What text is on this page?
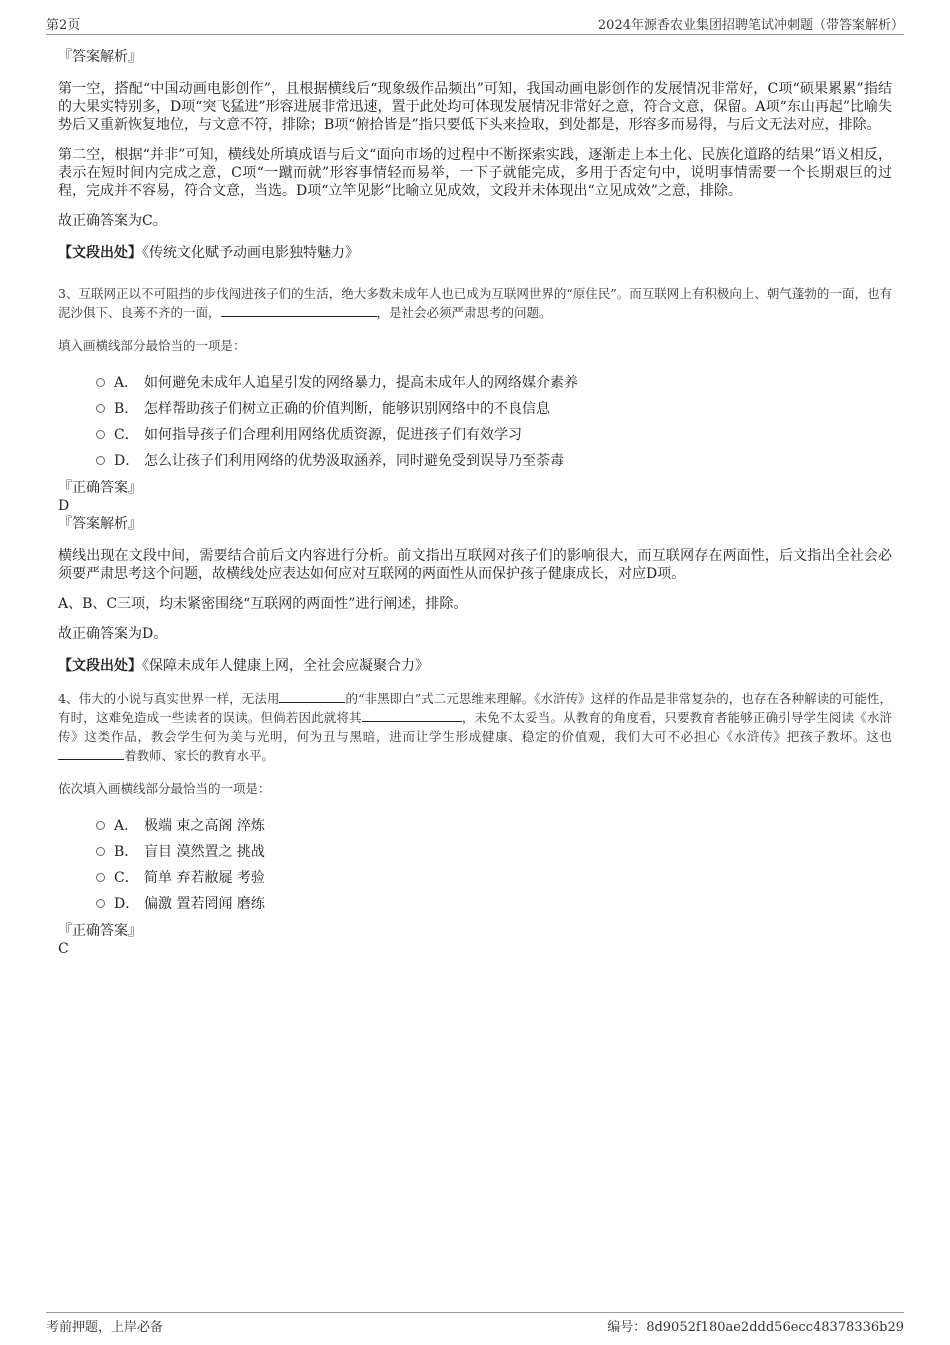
第2页	2024年源香农业集团招聘笔试冲刺题（带答案解析）

『答案解析』

第一空，搭配“中国动画电影创作”，且根据横线后“现象级作品频出”可知，我国动画电影创作的发展情况非常好，C项“硕果累累”指结的大果实特别多，D项“突飞猛进”形容进展非常迅速，置于此处均可体现发展情况非常好之意，符合文意，保留。A项“东山再起”比喻失势后又重新恢复地位，与文意不符，排除；B项“俯拾皆是”指只要低下头来捡取，到处都是，形容多而易得，与后文无法对应，排除。

第二空，根据“并非”可知，横线处所填成语与后文“面向市场的过程中不断探索实践，逐渐走上本土化、民族化道路的结果”语义相反，表示在短时间内完成之意，C项“一蹴而就”形容事情轻而易举，一下子就能完成，多用于否定句中，说明事情需要一个长期艰巨的过程，完成并不容易，符合文意，当选。D项“立竿见影”比喻立见成效，文段并未体现出“立见成效”之意，排除。

故正确答案为C。

【文段出处】《传统文化赋予动画电影独特魅力》

3、互联网正以不可阻挡的步伐闯进孩子们的生活，绝大多数未成年人也已成为互联网世界的“原住民”。而互联网上有积极向上、朝气蓬勃的一面，也有泥沙俱下、良莠不齐的一面，	，是社会必须严肃思考的问题。

填入画横线部分最恰当的一项是：

A． 如何避免未成年人追星引发的网络暴力，提高未成年人的网络媒介素养
B． 怎样帮助孩子们树立正确的价值判断，能够识别网络中的不良信息
C． 如何指导孩子们合理利用网络优质资源，促进孩子们有效学习
D． 怎么让孩子们利用网络的优势汲取涵养，同时避免受到误导乃至荼毒

『正确答案』

D

『答案解析』

横线出现在文段中间，需要结合前后文内容进行分析。前文指出互联网对孩子们的影响很大，而互联网存在两面性，后文指出全社会必须要严肃思考这个问题，故横线处应表达如何应对互联网的两面性从而保护孩子健康成长，对应D项。

A、B、C三项，均未紧密围绕“互联网的两面性”进行阐述，排除。

故正确答案为D。

【文段出处】《保障未成年人健康上网，全社会应凝聚合力》

4、伟大的小说与真实世界一样，无法用	的“非黑即白”式二元思维来理解。《水浒传》这样的作品是非常复杂的，也存在各种解读的可能性，有时，这难免造成一些读者的误读。但倘若因此就将其	，未免不太妥当。从教育的角度看，只要教育者能够正确引导学生阅读《水浒传》这类作品，教会学生何为美与光明，何为丑与黑暗，进而让学生形成健康、稳定的价值观，我们大可不必担心《水浒传》把孩子教坏。这也着教师、家长的教育水平。

依次填入画横线部分最恰当的一项是：

A． 极端 束之高阁 淬炼
B． 盲目 漠然置之 挑战
C． 简单 弃若敝屣 考验
D． 偏激 置若罔闻 磨练

『正确答案』

C

考前押题，上岸必备	编号：8d9052f180ae2ddd56ecc48378336b29
